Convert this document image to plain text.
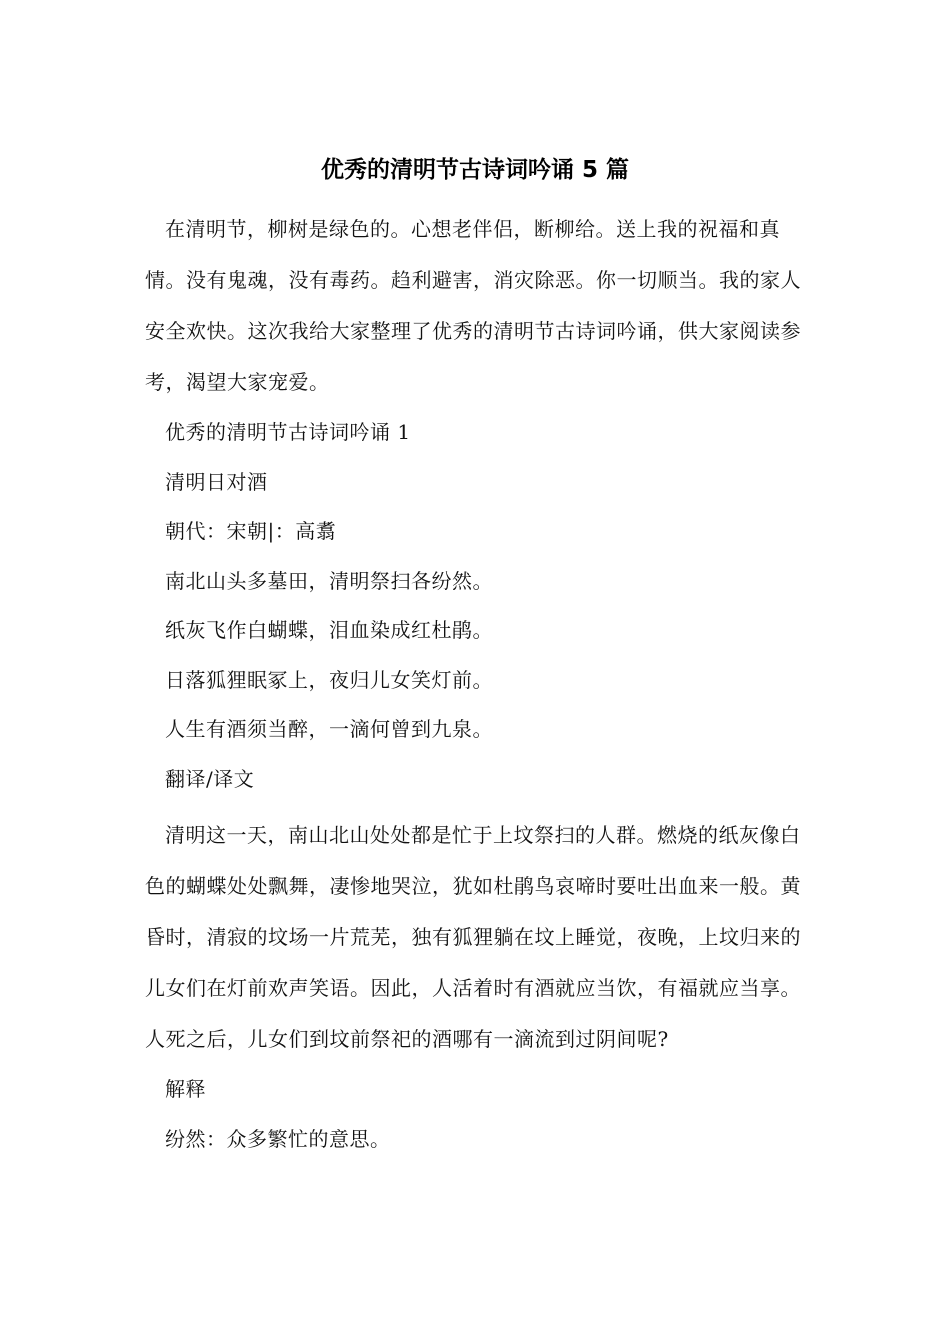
优秀的清明节古诗词吟诵 5 篇

在清明节，柳树是绿色的。心想老伴侣，断柳给。送上我的祝福和真情。没有鬼魂，没有毒药。趋利避害，消灾除恶。你一切顺当。我的家人安全欢快。这次我给大家整理了优秀的清明节古诗词吟诵，供大家阅读参考，渴望大家宠爱。

优秀的清明节古诗词吟诵 1

清明日对酒

朝代：宋朝|：高翥

南北山头多墓田，清明祭扫各纷然。

纸灰飞作白蝴蝶，泪血染成红杜鹃。

日落狐狸眠冢上，夜归儿女笑灯前。

人生有酒须当醉，一滴何曾到九泉。

翻译/译文

清明这一天，南山北山处处都是忙于上坟祭扫的人群。燃烧的纸灰像白色的蝴蝶处处飘舞，凄惨地哭泣，犹如杜鹃鸟哀啼时要吐出血来一般。黄昏时，清寂的坟场一片荒芜，独有狐狸躺在坟上睡觉，夜晚，上坟归来的儿女们在灯前欢声笑语。因此，人活着时有酒就应当饮，有福就应当享。人死之后，儿女们到坟前祭祀的酒哪有一滴流到过阴间呢?

解释

纷然：众多繁忙的意思。
